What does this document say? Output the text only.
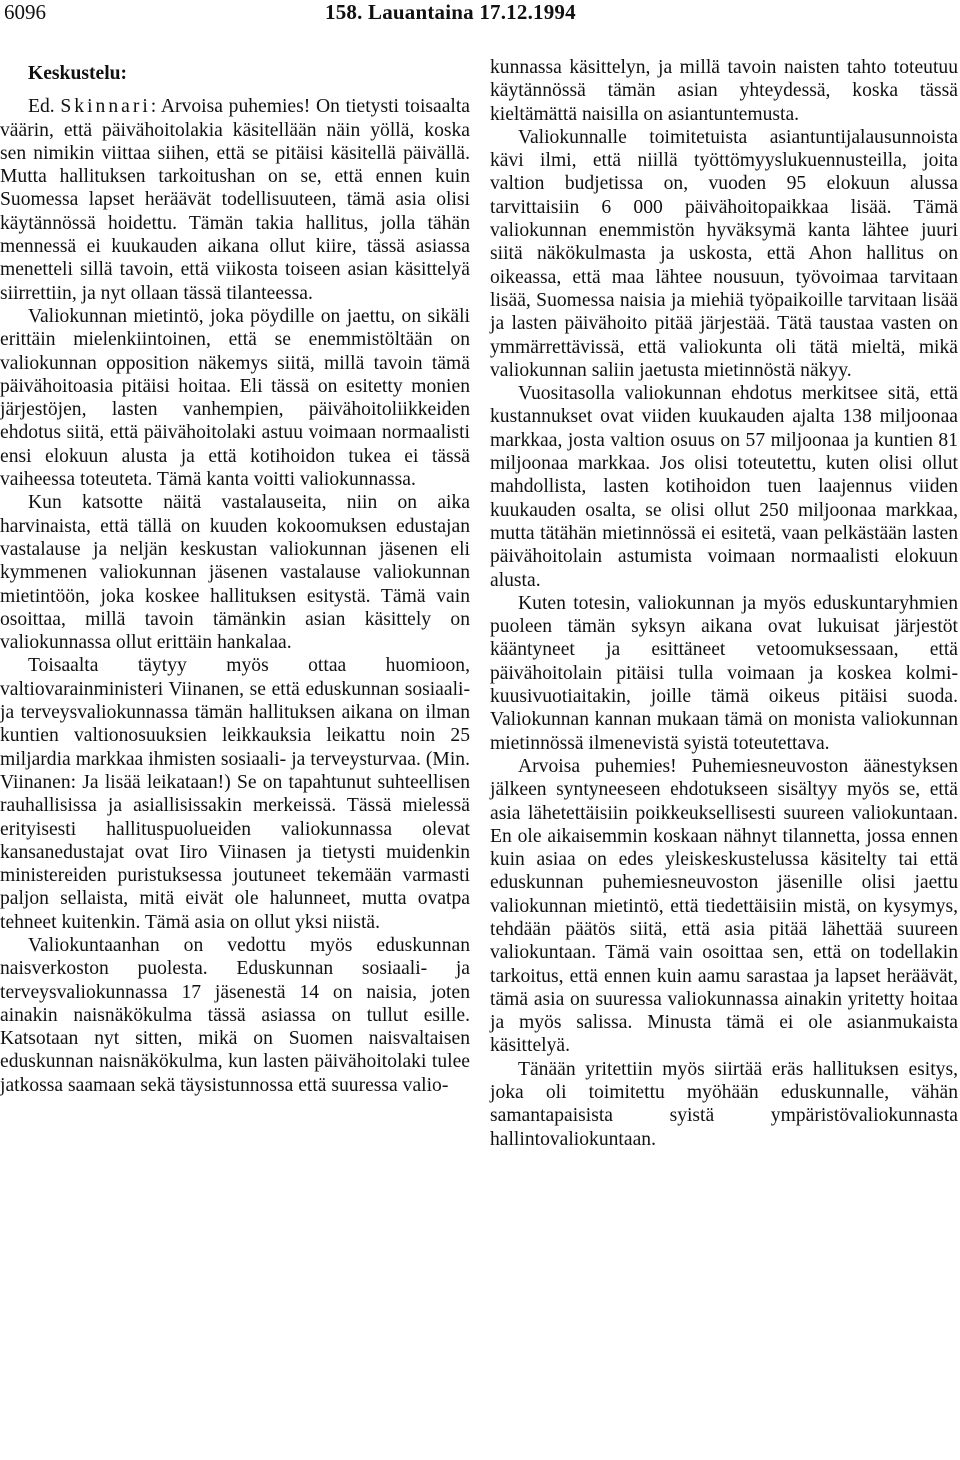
6096	158. Lauantaina 17.12.1994
Keskustelu:

Ed. Skinnari: Arvoisa puhemies! On tietysti toisaalta väärin, että päivähoitolakia käsitellään näin yöllä, koska sen nimikin viittaa siihen, että se pitäisi käsitellä päivällä. Mutta hallituksen tarkoitushan on se, että ennen kuin Suomessa lapset heräävät todellisuuteen, tämä asia olisi käytännössä hoidettu. Tämän takia hallitus, jolla tähän mennessä ei kuukauden aikana ollut kiire, tässä asiassa menetteli sillä tavoin, että viikosta toiseen asian käsittelyä siirrettiin, ja nyt ollaan tässä tilanteessa.

Valiokunnan mietintö, joka pöydille on jaettu, on sikäli erittäin mielenkiintoinen, että se enemmistöltään on valiokunnan opposition näkemys siitä, millä tavoin tämä päivähoitoasia pitäisi hoitaa. Eli tässä on esitetty monien järjestöjen, lasten vanhempien, päivähoitoliikkeiden ehdotus siitä, että päivähoitolaki astuu voimaan normaalisti ensi elokuun alusta ja että kotihoidon tukea ei tässä vaiheessa toteuteta. Tämä kanta voitti valiokunnassa.

Kun katsotte näitä vastalauseita, niin on aika harvinaista, että tällä on kuuden kokoomuksen edustajan vastalause ja neljän keskustan valiokunnan jäsenen eli kymmenen valiokunnan jäsenen vastalause valiokunnan mietintöön, joka koskee hallituksen esitystä. Tämä vain osoittaa, millä tavoin tämänkin asian käsittely on valiokunnassa ollut erittäin hankalaa.

Toisaalta täytyy myös ottaa huomioon, valtiovarainministeri Viinanen, se että eduskunnan sosiaali- ja terveysvaliokunnassa tämän hallituksen aikana on ilman kuntien valtionosuuksien leikkauksia leikattu noin 25 miljardia markkaa ihmisten sosiaali- ja terveysturvaa. (Min. Viinanen: Ja lisää leikataan!) Se on tapahtunut suhteellisen rauhallisissa ja asiallisissakin merkeissä. Tässä mielessä erityisesti hallituspuolueiden valiokunnassa olevat kansanedustajat ovat Iiro Viinasen ja tietysti muidenkin ministereiden puristuksessa joutuneet tekemään varmasti paljon sellaista, mitä eivät ole halunneet, mutta ovatpa tehneet kuitenkin. Tämä asia on ollut yksi niistä.

Valiokuntaanhan on vedottu myös eduskunnan naisverkoston puolesta. Eduskunnan sosiaali- ja terveysvaliokunnassa 17 jäsenestä 14 on naisia, joten ainakin naisnäkökulma tässä asiassa on tullut esille. Katsotaan nyt sitten, mikä on Suomen naisvaltaisen eduskunnan naisnäkökulma, kun lasten päivähoitolaki tulee jatkossa saamaan sekä täysistunnossa että suuressa valio-

kunnassa käsittelyn, ja millä tavoin naisten tahto toteutuu käytännössä tämän asian yhteydessä, koska tässä kieltämättä naisilla on asiantuntemusta.

Valiokunnalle toimitetuista asiantuntijalausunnoista kävi ilmi, että niillä työttömyyslukuennusteilla, joita valtion budjetissa on, vuoden 95 elokuun alussa tarvittaisiin 6 000 päivähoitopaikkaa lisää. Tämä valiokunnan enemmistön hyväksymä kanta lähtee juuri siitä näkökulmasta ja uskosta, että Ahon hallitus on oikeassa, että maa lähtee nousuun, työvoimaa tarvitaan lisää, Suomessa naisia ja miehiä työpaikoille tarvitaan lisää ja lasten päivähoito pitää järjestää. Tätä taustaa vasten on ymmärrettävissä, että valiokunta oli tätä mieltä, mikä valiokunnan saliin jaetusta mietinnöstä näkyy.

Vuositasolla valiokunnan ehdotus merkitsee sitä, että kustannukset ovat viiden kuukauden ajalta 138 miljoonaa markkaa, josta valtion osuus on 57 miljoonaa ja kuntien 81 miljoonaa markkaa. Jos olisi toteutettu, kuten olisi ollut mahdollista, lasten kotihoidon tuen laajennus viiden kuukauden osalta, se olisi ollut 250 miljoonaa markkaa, mutta tätähän mietinnössä ei esitetä, vaan pelkästään lasten päivähoitolain astumista voimaan normaalisti elokuun alusta.

Kuten totesin, valiokunnan ja myös eduskuntaryhmien puoleen tämän syksyn aikana ovat lukuisat järjestöt kääntyneet ja esittäneet vetoomuksessaan, että päivähoitolain pitäisi tulla voimaan ja koskea kolmi-kuusivuotiaitakin, joille tämä oikeus pitäisi suoda. Valiokunnan kannan mukaan tämä on monista valiokunnan mietinnössä ilmenevistä syistä toteutettava.

Arvoisa puhemies! Puhemiesneuvoston äänestyksen jälkeen syntyneeseen ehdotukseen sisältyy myös se, että asia lähetettäisiin poikkeuksellisesti suureen valiokuntaan. En ole aikaisemmin koskaan nähnyt tilannetta, jossa ennen kuin asiaa on edes yleiskeskustelussa käsitelty tai että eduskunnan puhemiesneuvoston jäsenille olisi jaettu valiokunnan mietintö, että tiedettäisiin mistä, on kysymys, tehdään päätös siitä, että asia pitää lähettää suureen valiokuntaan. Tämä vain osoittaa sen, että on todellakin tarkoitus, että ennen kuin aamu sarastaa ja lapset heräävät, tämä asia on suuressa valiokunnassa ainakin yritetty hoitaa ja myös salissa. Minusta tämä ei ole asianmukaista käsittelyä.

Tänään yritettiin myös siirtää eräs hallituksen esitys, joka oli toimitettu myöhään eduskunnalle, vähän samantapaisista syistä ympäristövaliokunnasta hallintovaliokuntaan.
